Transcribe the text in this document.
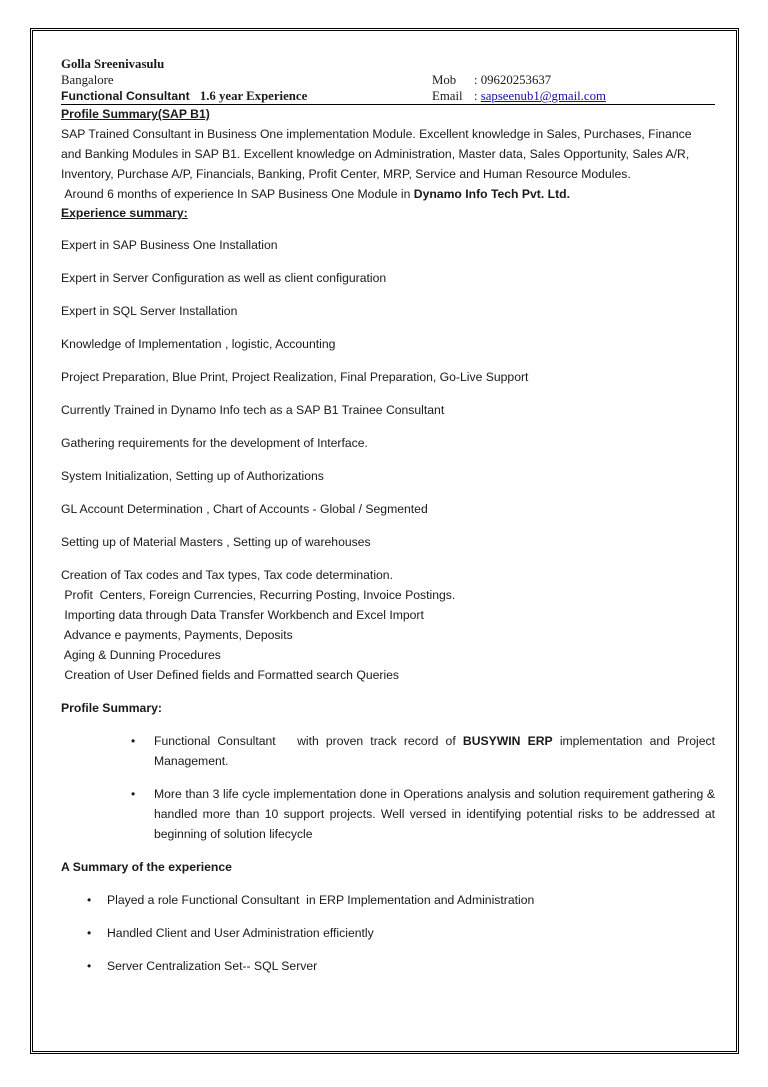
Golla Sreenivasulu
Bangalore	Mob : 09620253637
Functional Consultant 1.6 year Experience	Email : sapseenub1@gmail.com
Profile Summary(SAP B1)
SAP Trained Consultant in Business One implementation Module. Excellent knowledge in Sales, Purchases, Finance and Banking Modules in SAP B1. Excellent knowledge on Administration, Master data, Sales Opportunity, Sales A/R, Inventory, Purchase A/P, Financials, Banking, Profit Center, MRP, Service and Human Resource Modules.
Around 6 months of experience In SAP Business One Module in Dynamo Info Tech Pvt. Ltd.
Experience summary:
Expert in SAP Business One Installation
Expert in Server Configuration as well as client configuration
Expert in SQL Server Installation
Knowledge of Implementation , logistic, Accounting
Project Preparation, Blue Print, Project Realization, Final Preparation, Go-Live Support
Currently Trained in Dynamo Info tech as a SAP B1 Trainee Consultant
Gathering requirements for the development of Interface.
System Initialization, Setting up of Authorizations
GL Account Determination , Chart of Accounts - Global / Segmented
Setting up of Material Masters , Setting up of warehouses
Creation of Tax codes and Tax types, Tax code determination.
Profit  Centers, Foreign Currencies, Recurring Posting, Invoice Postings.
Importing data through Data Transfer Workbench and Excel Import
Advance e payments, Payments, Deposits
Aging & Dunning Procedures
Creation of User Defined fields and Formatted search Queries
Profile Summary:
• Functional Consultant   with proven track record of BUSYWIN ERP implementation and Project Management.
• More than 3 life cycle implementation done in Operations analysis and solution requirement gathering & handled more than 10 support projects. Well versed in identifying potential risks to be addressed at beginning of solution lifecycle
A Summary of the experience
• Played a role Functional Consultant  in ERP Implementation and Administration
• Handled Client and User Administration efficiently
• Server Centralization Set-- SQL Server
